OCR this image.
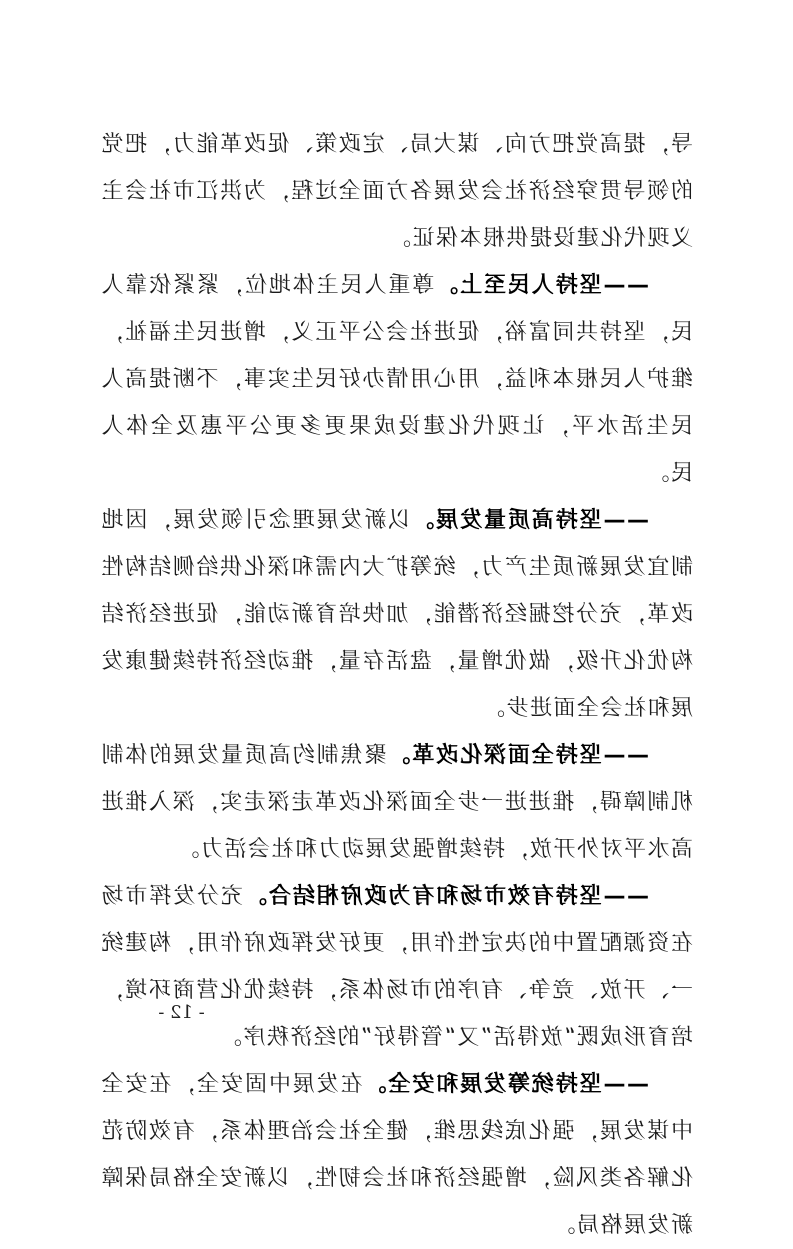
导，提高党把方向、谋大局、定政策、促改革能力，把党的领导贯穿经济社会发展各方面全过程，为洪江市社会主义现代化建设提供根本保证。

——坚持人民至上。尊重人民主体地位，紧紧依靠人民，坚持共同富裕，促进社会公平正义，增进民生福祉，维护人民根本利益，用心用情办好民生实事，不断提高人民生活水平，让现代化建设成果更多更公平惠及全体人民。

——坚持高质量发展。以新发展理念引领发展，因地制宜发展新质生产力，统筹扩大内需和深化供给侧结构性改革，充分挖掘经济潜能，加快培育新动能，促进经济结构优化升级，做优增量，盘活存量，推动经济持续健康发展和社会全面进步。

——坚持全面深化改革。聚焦制约高质量发展的体制机制障碍，推进进一步全面深化改革走深走实，深入推进高水平对外开放，持续增强发展动力和社会活力。

——坚持有效市场和有为政府相结合。充分发挥市场在资源配置中的决定性作用，更好发挥政府作用，构建统一、开放、竞争、有序的市场体系，持续优化营商环境，培育形成既“放得活”又“管得好”的经济秩序。

——坚持统筹发展和安全。在发展中固安全，在安全中谋发展，强化底线思维，健全社会治理体系，有效防范化解各类风险，增强经济和社会韧性，以新安全格局保障新发展格局。

- 12 -
